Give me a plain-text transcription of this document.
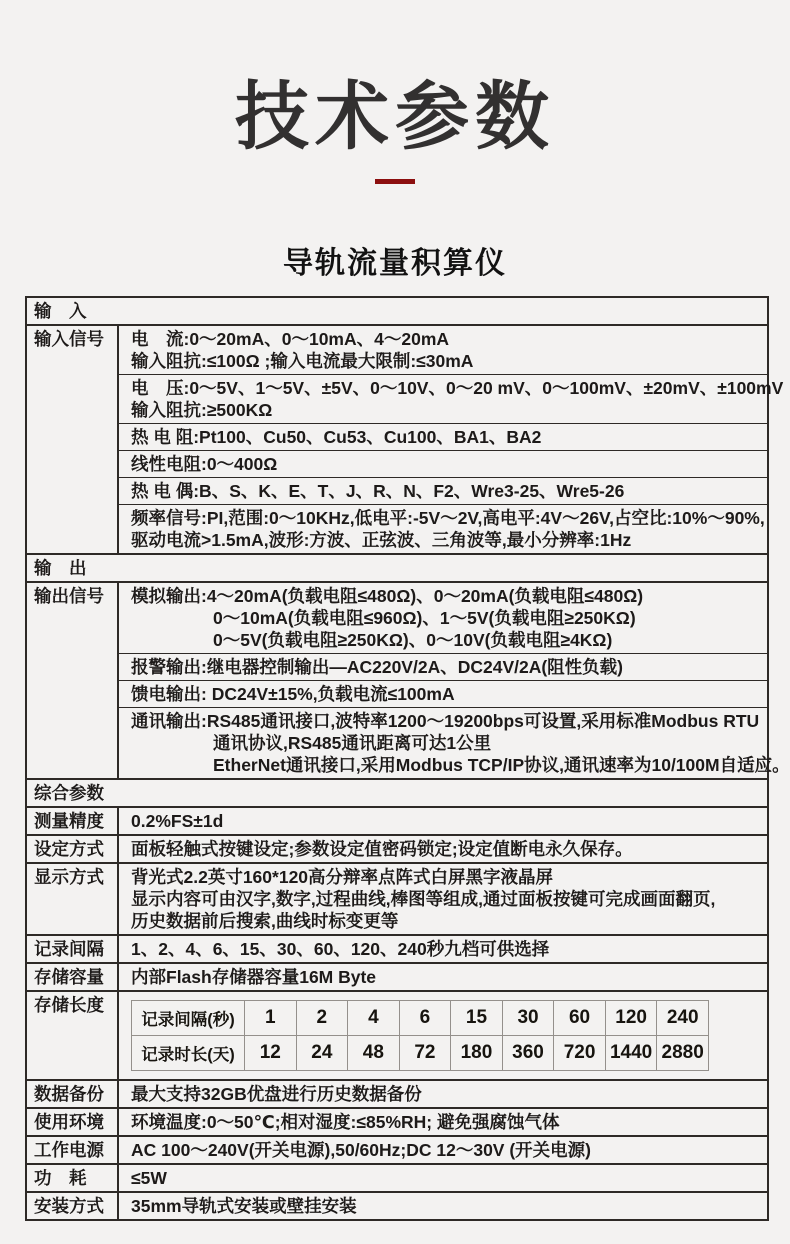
技术参数
导轨流量积算仪
输　入
输入信号	电　流:0～20mA、0～10mA、4～20mA
输入阻抗:≤100Ω ;输入电流最大限制:≤30mA
电　压:0～5V、1～5V、±5V、0～10V、0～20 mV、0～100mV、±20mV、±100mV
输入阻抗:≥500KΩ
热 电 阻:Pt100、Cu50、Cu53、Cu100、BA1、BA2
线性电阻:0～400Ω
热 电 偶:B、S、K、E、T、J、R、N、F2、Wre3-25、Wre5-26
频率信号:PI,范围:0～10KHz,低电平:-5V～2V,高电平:4V～26V,占空比:10%～90%,
驱动电流>1.5mA,波形:方波、正弦波、三角波等,最小分辨率:1Hz
输　出
输出信号	模拟输出:4～20mA(负载电阻≤480Ω)、0～20mA(负载电阻≤480Ω)
0～10mA(负载电阻≤960Ω)、1～5V(负载电阻≥250KΩ)
0～5V(负载电阻≥250KΩ)、0～10V(负载电阻≥4KΩ)
报警输出:继电器控制输出—AC220V/2A、DC24V/2A(阻性负载)
馈电输出: DC24V±15%,负载电流≤100mA
通讯输出:RS485通讯接口,波特率1200～19200bps可设置,采用标准Modbus RTU
通讯协议,RS485通讯距离可达1公里
EtherNet通讯接口,采用Modbus TCP/IP协议,通讯速率为10/100M自适应。
综合参数
测量精度	0.2%FS±1d
设定方式	面板轻触式按键设定;参数设定值密码锁定;设定值断电永久保存。
显示方式	背光式2.2英寸160*120高分辩率点阵式白屏黑字液晶屏
显示内容可由汉字,数字,过程曲线,棒图等组成,通过面板按键可完成画面翻页,
历史数据前后搜索,曲线时标变更等
记录间隔	1、2、4、6、15、30、60、120、240秒九档可供选择
存储容量	内部Flash存储器容量16M Byte
存储长度
记录间隔(秒)	1	2	4	6	15	30	60	120	240
记录时长(天)	12	24	48	72	180	360	720	1440	2880
数据备份	最大支持32GB优盘进行历史数据备份
使用环境	环境温度:0～50℃;相对湿度:≤85%RH; 避免强腐蚀气体
工作电源	AC 100～240V(开关电源),50/60Hz;DC 12～30V (开关电源)
功　耗	≤5W
安装方式	35mm导轨式安装或壁挂安装
